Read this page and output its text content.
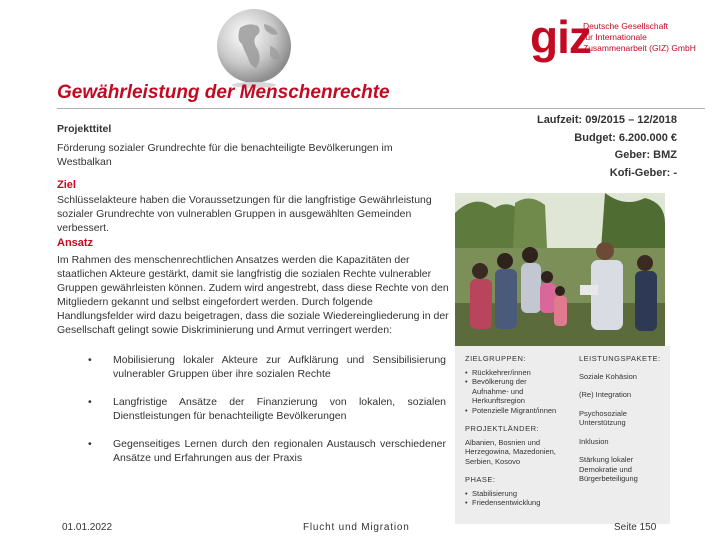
giz
Deutsche Gesellschaft
für Internationale
Zusammenarbeit (GIZ) GmbH
Gewährleistung der Menschenrechte
Projekttitel
Förderung sozialer Grundrechte für die benachteiligte Bevölkerungen im Westbalkan
Laufzeit: 09/2015 – 12/2018
Budget: 6.200.000 €
Geber: BMZ
Kofi-Geber: -
Ziel
Schlüsselakteure haben die Voraussetzungen für die langfristige Gewährleistung sozialer Grundrechte von vulnerablen Gruppen in ausgewählten Gemeinden verbessert.
Ansatz
Im Rahmen des menschenrechtlichen Ansatzes werden die Kapazitäten der staatlichen Akteure gestärkt, damit sie langfristig die sozialen Rechte vulnerabler Gruppen gewährleisten können. Zudem wird angestrebt, dass diese Rechte von den Mitgliedern gekannt und selbst eingefordert werden. Durch folgende Handlungsfelder wird dazu beigetragen, dass die soziale Wiedereingliederung in der Gesellschaft gelingt sowie Diskriminierung und Armut verringert werden:
•	Mobilisierung lokaler Akteure zur Aufklärung und Sensibilisierung vulnerabler Gruppen über ihre sozialen Rechte
•	Langfristige Ansätze der Finanzierung von lokalen, sozialen Dienstleistungen für benachteiligte Bevölkerungen
•	Gegenseitiges Lernen durch den regionalen Austausch verschiedener Ansätze und Erfahrungen aus der Praxis
ZIELGRUPPEN:
• Rückkehrer/innen
• Bevölkerung der Aufnahme- und Herkunftsregion
• Potenzielle Migrant/innen
PROJEKTLÄNDER:
Albanien, Bosnien und Herzegowina, Mazedonien, Serbien, Kosovo
PHASE:
• Stabilisierung
• Friedensentwicklung
LEISTUNGSPAKETE:
Soziale Kohäsion
(Re) Integration
Psychosoziale Unterstützung
Inklusion
Stärkung lokaler Demokratie und Bürgerbeteiligung
01.01.2022	Flucht und Migration	Seite 150
